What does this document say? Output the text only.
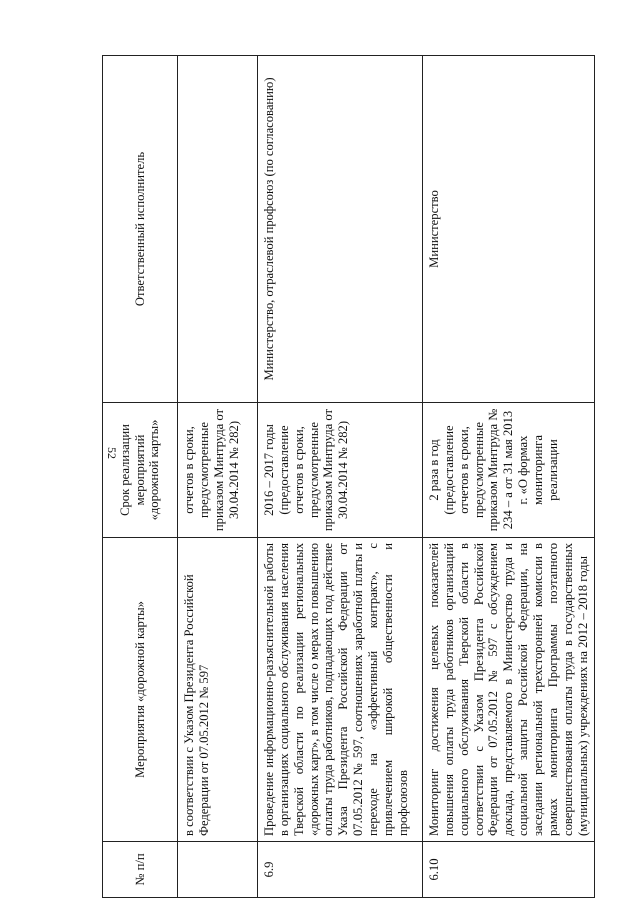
52
№ п/п	Мероприятия «дорожной карты»	Срок реализации мероприятий «дорожной карты»	Ответственный исполнитель
	в соответствии с Указом Президента Российской Федерации от 07.05.2012 № 597	отчетов в сроки, предусмотренные приказом Минтруда от 30.04.2014 № 282)	
6.9	Проведение информационно-разъяснительной работы в организациях социального обслуживания населения Тверской области по реализации региональных «дорожных карт», в том числе о мерах по повышению оплаты труда работников, подпадающих под действие Указа Президента Российской Федерации от 07.05.2012 № 597, соотношениях заработной платы и переходе на «эффективный контракт», с привлечением широкой общественности и профсоюзов	2016 – 2017 годы (предоставление отчетов в сроки, предусмотренные приказом Минтруда от 30.04.2014 № 282)	Министерство, отраслевой профсоюз (по согласованию)
6.10	Мониторинг достижения целевых показателей повышения оплаты труда работников организаций социального обслуживания Тверской области в соответствии с Указом Президента Российской Федерации от 07.05.2012 № 597 с обсуждением доклада, представляемого в Министерство труда и социальной защиты Российской Федерации, на заседании региональной трехсторонней комиссии в рамках мониторинга Программы поэтапного совершенствования оплаты труда в государственных (муниципальных) учреждениях на 2012 – 2018 годы	2 раза в год (предоставление отчетов в сроки, предусмотренные приказом Минтруда № 234 – а от 31 мая 2013 г. «О формах мониторинга реализации	Министерство
